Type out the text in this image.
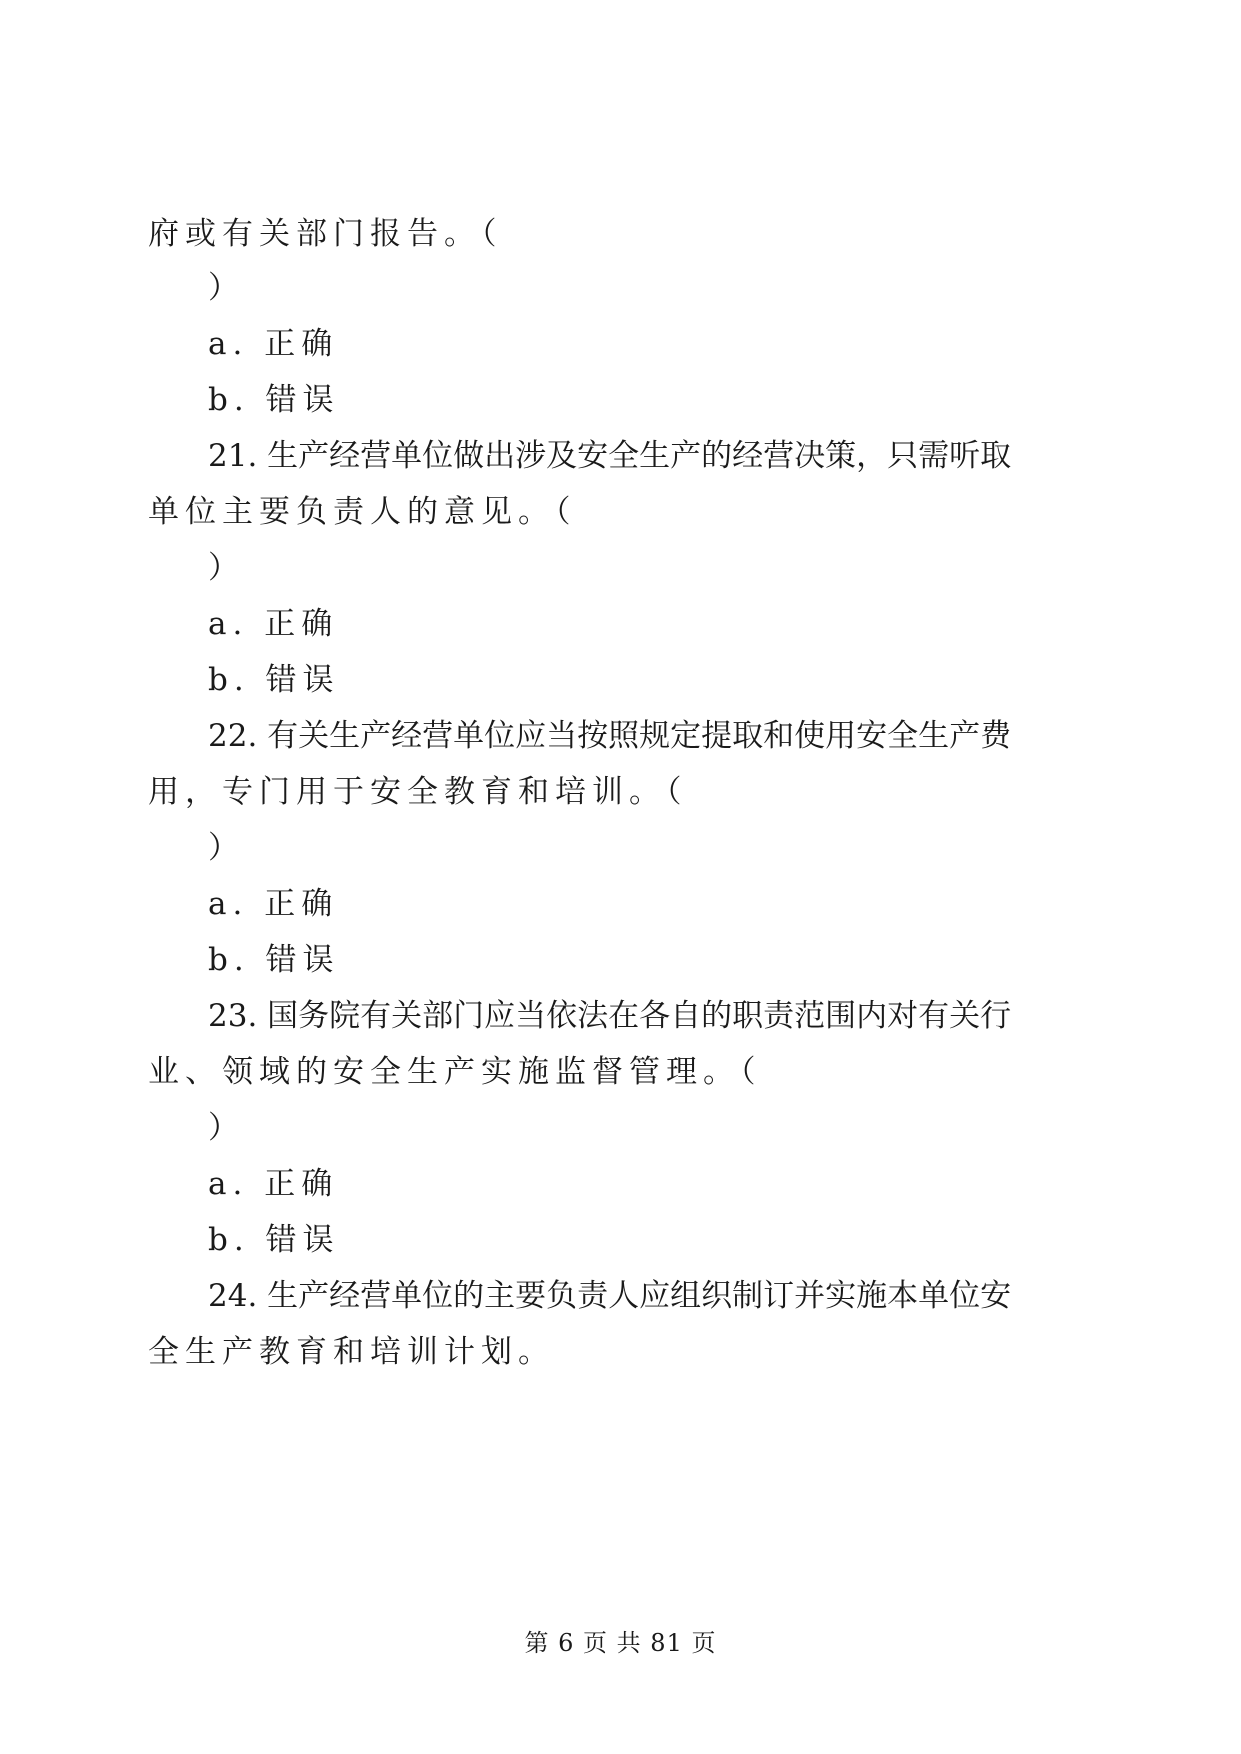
府或有关部门报告。（
）
a. 正确
b. 错误
21. 生产经营单位做出涉及安全生产的经营决策，只需听取
单位主要负责人的意见。（
）
a. 正确
b. 错误
22. 有关生产经营单位应当按照规定提取和使用安全生产费
用，专门用于安全教育和培训。（
）
a. 正确
b. 错误
23. 国务院有关部门应当依法在各自的职责范围内对有关行
业、领域的安全生产实施监督管理。（
）
a. 正确
b. 错误
24. 生产经营单位的主要负责人应组织制订并实施本单位安
全生产教育和培训计划。
第 6 页 共 81 页
